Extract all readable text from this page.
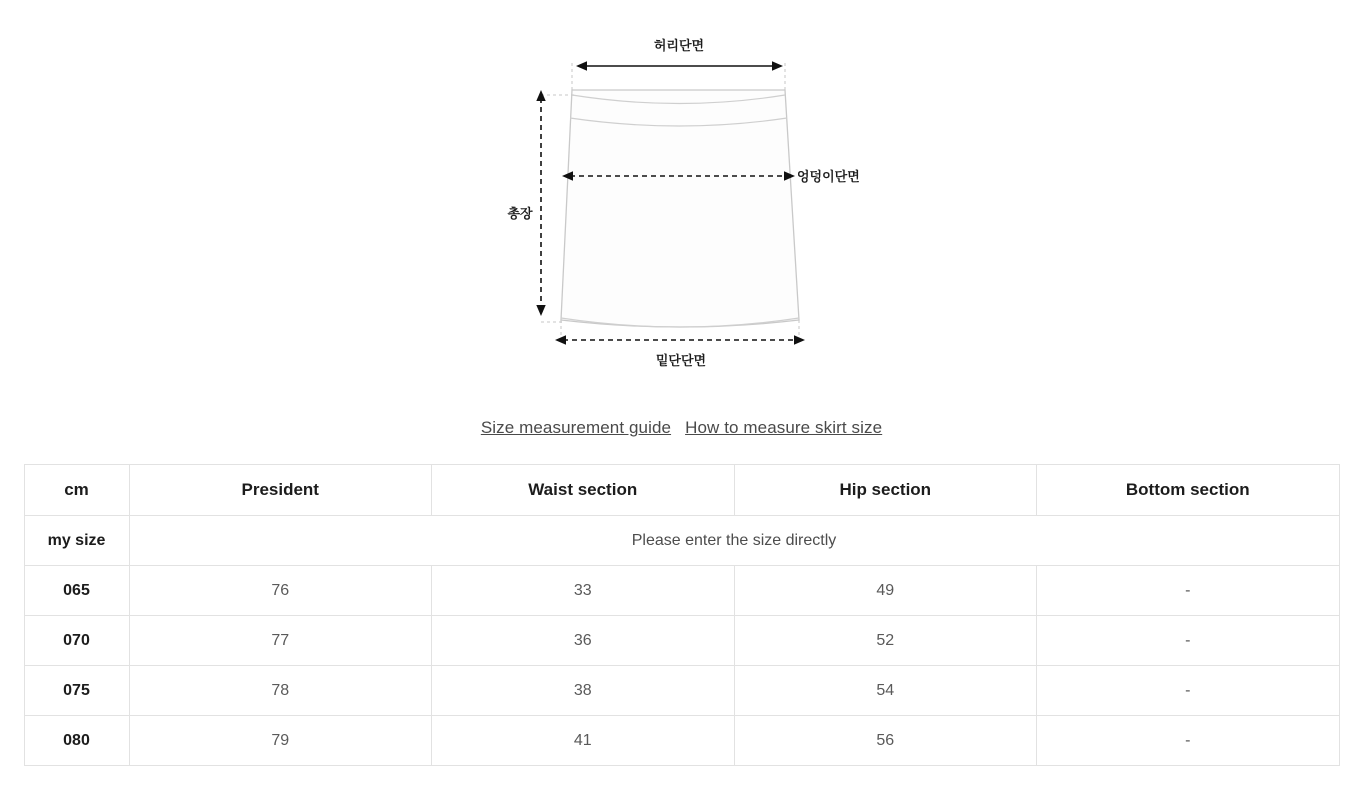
허리단면
엉덩이단면
총장
밑단단면
Size measurement guide How to measure skirt size
cm	President	Waist section	Hip section	Bottom section
my size	Please enter the size directly			
065	76	33	49	-
070	77	36	52	-
075	78	38	54	-
080	79	41	56	-
